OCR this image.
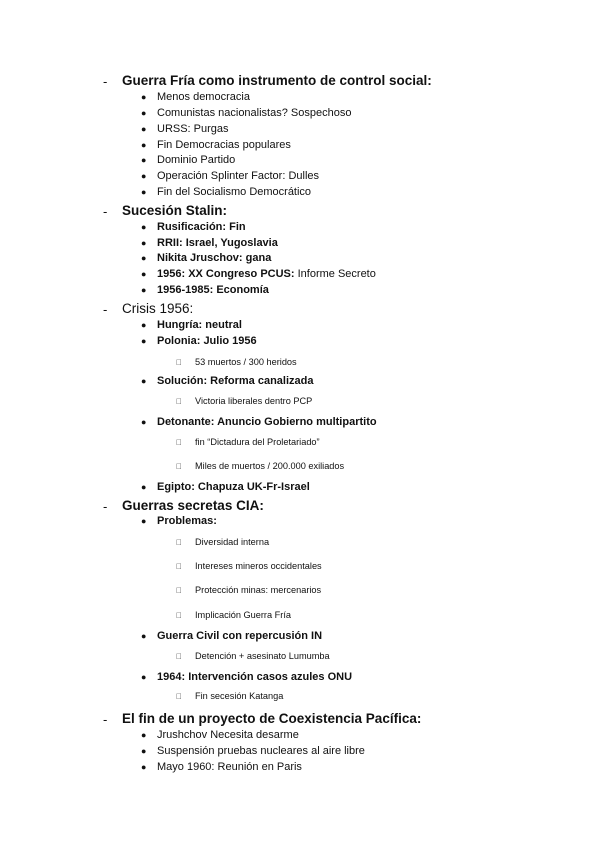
- Guerra Fría como instrumento de control social:
● Menos democracia
● Comunistas nacionalistas? Sospechoso
● URSS: Purgas
● Fin Democracias populares
● Dominio Partido
● Operación Splinter Factor: Dulles
● Fin del Socialismo Democrático
- Sucesión Stalin:
● Rusificación: Fin
● RRII: Israel, Yugoslavia
● Nikita Jruschov: gana
● 1956: XX Congreso PCUS: Informe Secreto
● 1956-1985: Economía
- Crisis 1956:
● Hungría: neutral
● Polonia: Julio 1956
53 muertos / 300 heridos
● Solución: Reforma canalizada
Victoria liberales dentro PCP
● Detonante: Anuncio Gobierno multipartito
fin “Dictadura del Proletariado”
Miles de muertos / 200.000 exiliados
● Egipto: Chapuza UK-Fr-Israel
- Guerras secretas CIA:
● Problemas:
Diversidad interna
Intereses mineros occidentales
Protección minas: mercenarios
Implicación Guerra Fría
● Guerra Civil con repercusión IN
Detención + asesinato Lumumba
● 1964: Intervención casos azules ONU
Fin secesión Katanga
- El fin de un proyecto de Coexistencia Pacífica:
● Jrushchov Necesita desarme
● Suspensión pruebas nucleares al aire libre
● Mayo 1960: Reunión en Paris
